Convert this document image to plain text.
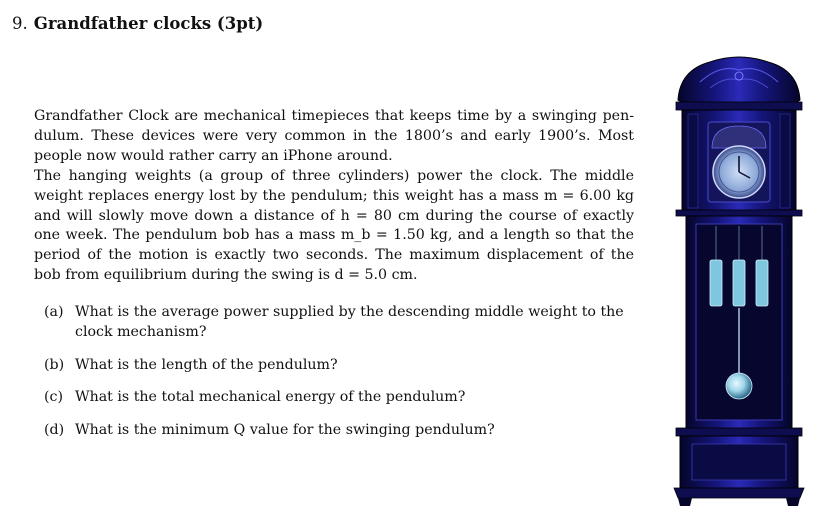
9. Grandfather clocks (3pt)
Grandfather Clock are mechanical timepieces that keeps time by a swinging pen-
dulum. These devices were very common in the 1800’s and early 1900’s. Most
people now would rather carry an iPhone around.
The hanging weights (a group of three cylinders) power the clock. The middle
weight replaces energy lost by the pendulum; this weight has a mass m = 6.00 kg
and will slowly move down a distance of h = 80 cm during the course of exactly
one week. The pendulum bob has a mass m_b = 1.50 kg, and a length so that the
period of the motion is exactly two seconds. The maximum displacement of the
bob from equilibrium during the swing is d = 5.0 cm.
(a) What is the average power supplied by the descending middle weight to the
clock mechanism?
(b) What is the length of the pendulum?
(c) What is the total mechanical energy of the pendulum?
(d) What is the minimum Q value for the swinging pendulum?
